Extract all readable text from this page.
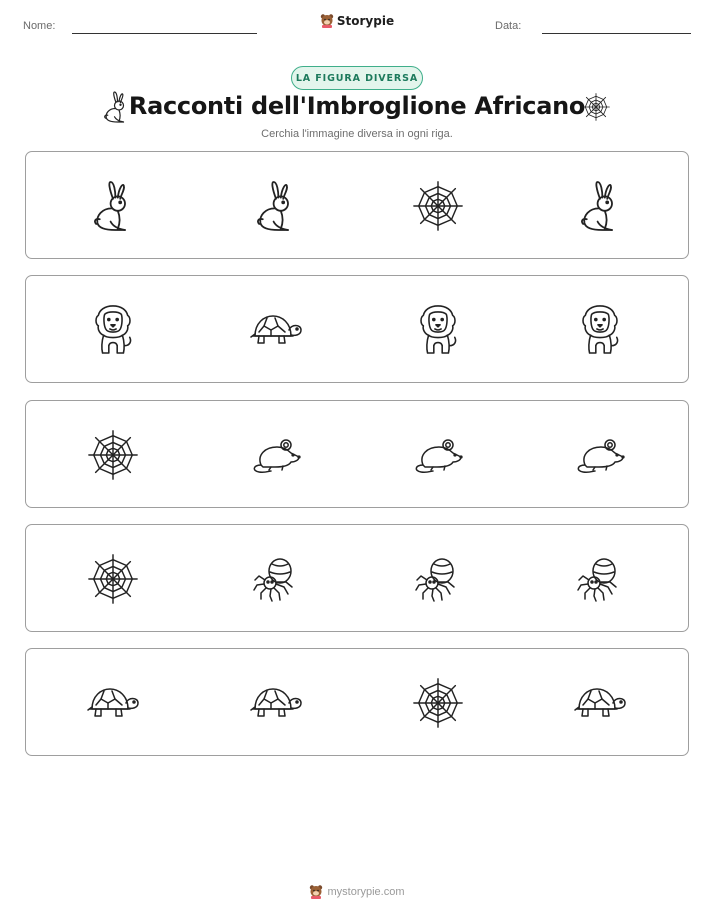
Nome:	Data:
Storypie
LA FIGURA DIVERSA
Racconti dell'Imbroglione Africano
Cerchia l'immagine diversa in ogni riga.
mystorypie.com
